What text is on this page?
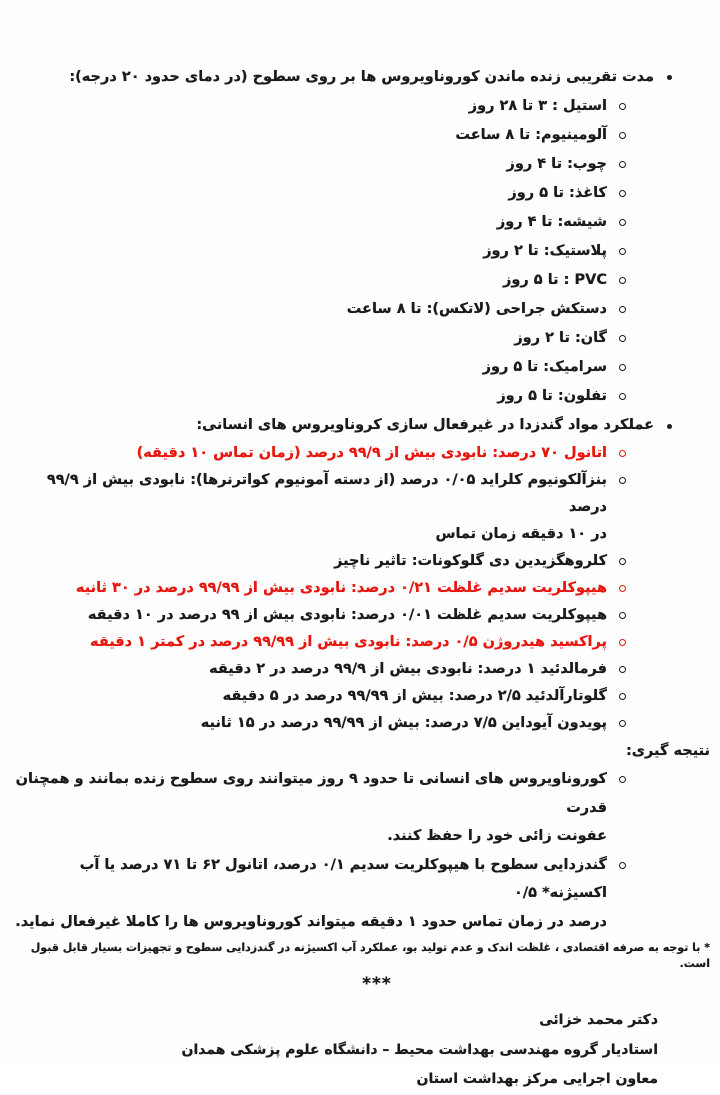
مدت تقریبی زنده ماندن کوروناویروس ها بر روی سطوح (در دمای حدود ۲۰ درجه):
استیل : ۳ تا ۲۸ روز
آلومینیوم: تا ۸ ساعت
چوب: تا ۴ روز
کاغذ: تا ۵ روز
شیشه: تا ۴ روز
پلاستیک: تا ۲ روز
PVC : تا ۵ روز
دستکش جراحی (لاتکس): تا ۸ ساعت
گان: تا ۲ روز
سرامیک: تا ۵ روز
تفلون: تا ۵ روز
عملکرد مواد گندزدا در غیرفعال سازی کروناویروس های انسانی:
اتانول ۷۰ درصد: نابودی بیش از ۹۹/۹ درصد (زمان تماس ۱۰ دقیقه)
بنزآلکونیوم کلراید ۰/۰۵ درصد (از دسته آمونیوم کواترنرها): نابودی بیش از ۹۹/۹ درصد
در ۱۰ دقیقه زمان تماس
کلروهگزیدین دی گلوکونات: تاثیر ناچیز
هیپوکلریت سدیم غلظت ۰/۲۱ درصد: نابودی بیش از ۹۹/۹۹ درصد در ۳۰ ثانیه
هیپوکلریت سدیم غلظت ۰/۰۱ درصد: نابودی بیش از ۹۹ درصد در ۱۰ دقیقه
پراکسید هیدروژن ۰/۵ درصد: نابودی بیش از ۹۹/۹۹ درصد در کمتر ۱ دقیقه
فرمالدئید ۱ درصد: نابودی بیش از ۹۹/۹ درصد در ۲ دقیقه
گلوتارآلدئید ۲/۵ درصد: بیش از ۹۹/۹۹ درصد در ۵ دقیقه
پویدون آیوداین ۷/۵ درصد: بیش از ۹۹/۹۹ درصد در ۱۵ ثانیه
نتیجه گیری:
کوروناویروس های انسانی تا حدود ۹ روز میتوانند روی سطوح زنده بمانند و همچنان قدرت
عفونت زائی خود را حفظ کنند.
گندزدایی سطوح با هیپوکلریت سدیم ۰/۱ درصد، اتانول ۶۲ تا ۷۱ درصد یا آب اکسیژنه* ۰/۵
درصد در زمان تماس حدود ۱ دقیقه میتواند کوروناویروس ها را کاملا غیرفعال نماید.
* با توجه به صرفه اقتصادی ، غلظت اندک و عدم تولید بو، عملکرد آب اکسیژنه در گندزدایی سطوح و تجهیزات بسیار قابل قبول است.
***
دکتر محمد خزائی
استادیار گروه مهندسی بهداشت محیط – دانشگاه علوم پزشکی همدان
معاون اجرایی مرکز بهداشت استان
